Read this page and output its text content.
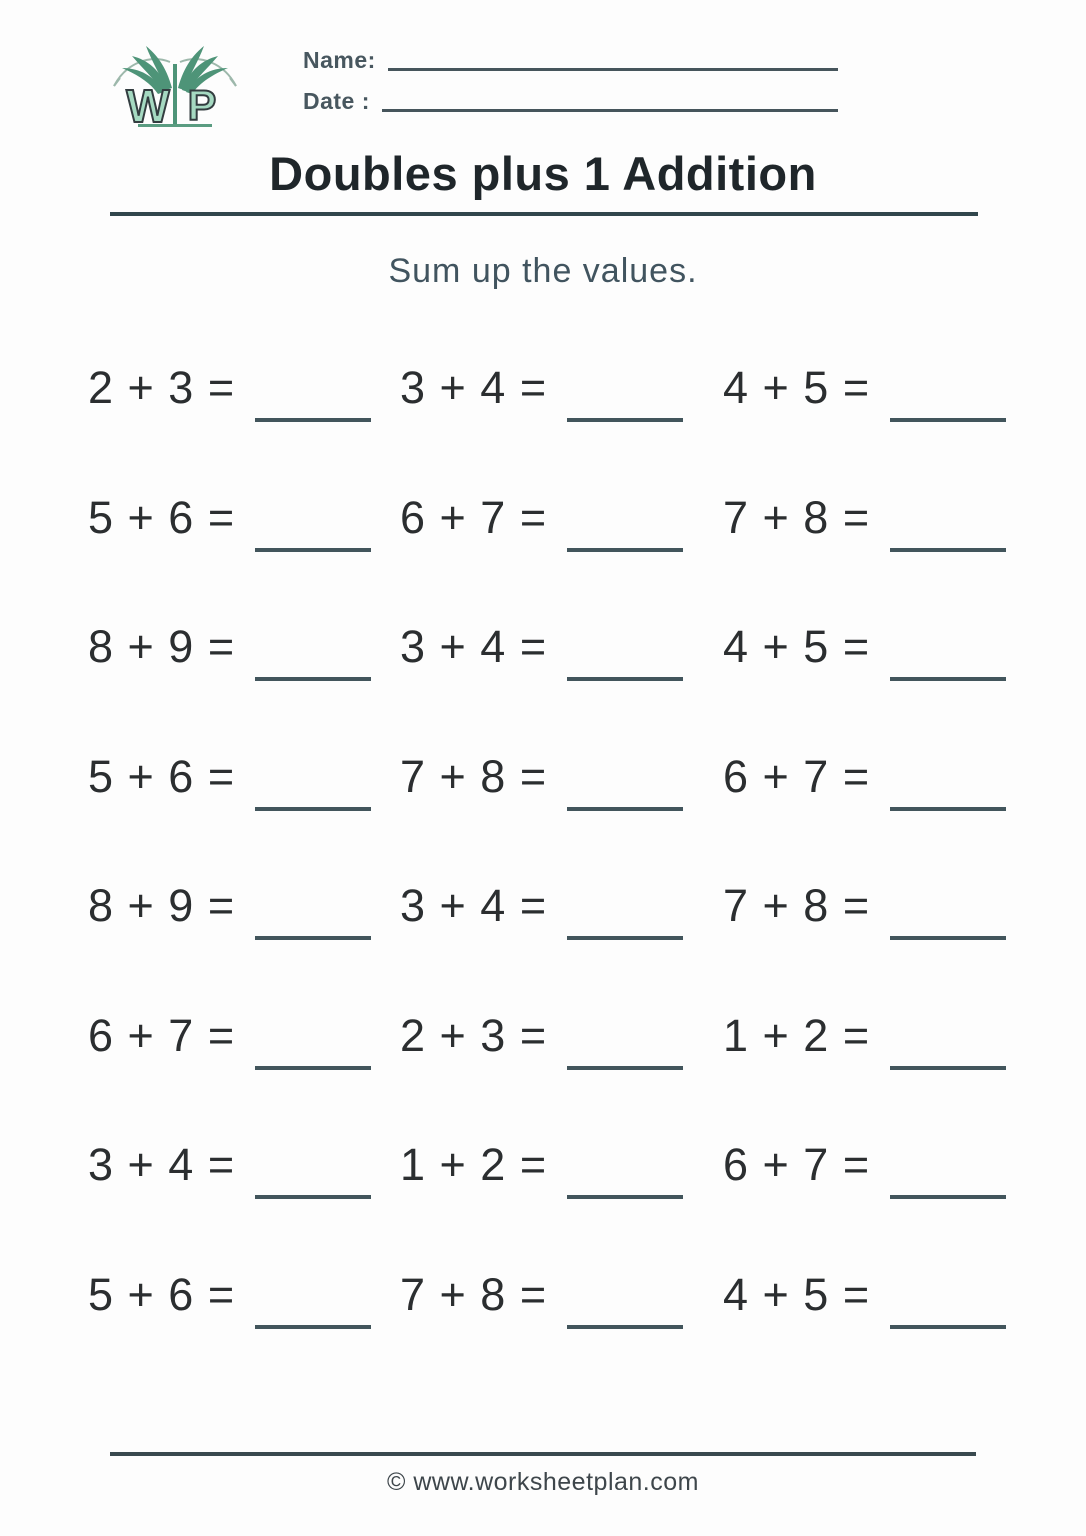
W P
Name:
Date :
Doubles plus 1 Addition
Sum up the values.
2 + 3 =	3 + 4 =	4 + 5 =
5 + 6 =	6 + 7 =	7 + 8 =
8 + 9 =	3 + 4 =	4 + 5 =
5 + 6 =	7 + 8 =	6 + 7 =
8 + 9 =	3 + 4 =	7 + 8 =
6 + 7 =	2 + 3 =	1 + 2 =
3 + 4 =	1 + 2 =	6 + 7 =
5 + 6 =	7 + 8 =	4 + 5 =
© www.worksheetplan.com
